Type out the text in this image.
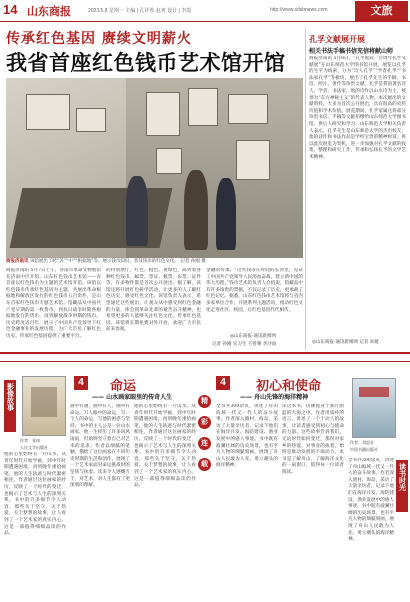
14 山东商报	2023.5.8 星期一 主编 | 孔祥蓉 赵爽 设计 | 李霞	http://www.sdsbnews.com	文旅
传承红色基因 赓续文明薪火
我省首座红色钱币艺术馆开馆
商报济南讯 该馆展出了跨“苏”“中”“根据地”等，展示钱币知识，普及钱币的红色文化。 记者 孙刚 摄
商报济南讯 5月7日上午，济南市革命文物展馆在济南中区开馆，山东红色钱币艺术馆——省首座以红色钱币为主题的艺术馆开馆。该馆以红色钱币传承红色基因为主题，共展出革命根据地和解放区发行的红色钱币五百余件，是山东首家红色钱币专题艺术馆。馆藏品从中国共产党早期的第一枚货币，到抗日战争时期各根据地发行的货币，再到解放战争时期的钱币。历史跨度近百年，展示了中国共产党领导下红色金融事业的发展历程，为广大市民了解红色历史、传承红色基因提供了重要平台。
的特别展厅，红色、橙色、黄绿色，陈列着各种红色钱币、邮票、票证、粮票、布票、证件等，许多物件都是首次公开展出。据了解，该馆还将开展红色研学活动，让更多的人了解红色历史、感受红色文化。该馆负责人表示，希望通过这些展出，让观众从中感受到红色金融的力量，体会到革命先辈的艰苦奋斗精神，也希望更多的人能够关注红色文化、传承红色基因。该馆将长期免费对外开放，欢迎广大市民前来参观。
金融的传承。“这些钱币在时间的长河里，见证了中国共产党领导人民浴血奋战、建立新中国的伟大历程。”钱币艺术馆负责人介绍说，馆藏品中有许多珍贵的票据，不仅记录了历史，更承载了红色记忆。据悉，山东红色钱币艺术馆将与省内多家单位合作，开展系列主题活动，推动红色文化走进社区、校园，让红色基因代代相传。
◎山东商报·通讯新闻网
记者 孙刚 实习生 王曾骞 李沙雨
孔孚文献展开展
相关书法手稿书信充信将献山师
商报济南讯 5月8日，“孔孚诞辰一百周年孔孚文献展”在山东师范大学图书馆开展。展览以孔孚的生平为线索，分为“诗人孔孚”“学者孔孚”“书法家孔孚”等板块，展出了孔孚先生的手稿、书信、照片、著作等珍贵文献。孔孚是我国著名诗人、学者、书法家，他的诗作以山水诗为主，被誉为“东方神秘主义”的代表人物。本次展出的文献资料，大多为首次公开展出，具有很高的史料价值和学术价值。展览期间，孔孚家属还将部分珍贵书信、手稿等文献捐赠给山东师范大学图书馆，供后人研究和学习。山东师范大学相关负责人表示，孔孚先生是山东师范大学的杰出校友，他的诗作和书法作品是学校宝贵的精神财富，将以此次展览为契机，进一步加强对孔孚文献的收集、整理和研究工作，传承和弘扬孔孚的文学艺术精神。
◎山东商报·通讯新闻网 记者 朱婕
影像故事
作者：张炜
人民文学出版社
4	命运
—— 山水画家眼里的传奇人生
画中有画，画中有人，画中有命运。写人眼中的命运，写一个人的命运，写他的困惑与坚持。书中的主人公是一位山水画家，他一生经历了许多风风雨雨，但始终坚守着自己对艺术的追求。作者以细腻的笔触，描绘了这位画家在不同历史时期的生活和创作，展现了一个艺术家面对命运挑战时的坚韧与执着。读来令人感慨万千，对艺术、对人生都有了更深刻的理解。
他的心里始终有一片山水。从青年时代开始学画，到中年时期遭遇困境，再到晚年重拾画笔，他的人生轨迹与时代紧密相连。作者通过这位画家的经历，反映了一个时代的变迁，也揭示了艺术与人生的深刻关系。书中的许多细节令人动容，那些关于坚守、关于热爱、关于梦想的故事，让人看到了一个艺术家的真实内心。这是一部值得细细品读的作品。
他的心里始终有一片山水。从青年时代开始学画，到中年时期遭遇困境，再到晚年重拾画笔，他的人生轨迹与时代紧密相连。作者通过这位画家的经历，反映了一个时代的变迁，也揭示了艺术与人生的深刻关系。书中的许多细节令人动容，那些关于坚守、关于热爱、关于梦想的故事，让人看到了一个艺术家的真实内心。这是一部值得细细品读的作品。
精
彩
连
载
4	初心和使命
—— 舟山先锋的海洋精神
全书共300余页，讲述了舟山海域一代又一代人的奋斗故事。作者深入渔村、海岛，采访了大量亲历者，记录下他们在海洋开发、海防建设、渔业发展中的感人事迹。书中既有波澜壮阔的历史场景，也有平凡人物的细腻刻画，展现了舟山人民敢为人先、勇立潮头的海洋精神。
读这本书，仿佛置身于那片蔚蓝的大海之中。作者用质朴的语言，讲述了一个个动人的故事，让读者感受到初心与使命的力量。这些故事告诉我们，无论时代如何变迁，那份对家乡的热爱、对事业的执着，始终是推动发展的不竭动力。本书是了解舟山、了解海洋文化的一扇窗口，值得每一位读者阅读。
作者：刘思芳
中国书籍出版社
读书时光
全书共300余页，讲述了舟山海域一代又一代人的奋斗故事。作者深入渔村、海岛，采访了大量亲历者，记录下他们在海洋开发、海防建设、渔业发展中的感人事迹。书中既有波澜壮阔的历史场景，也有平凡人物的细腻刻画，展现了舟山人民敢为人先、勇立潮头的海洋精神。
